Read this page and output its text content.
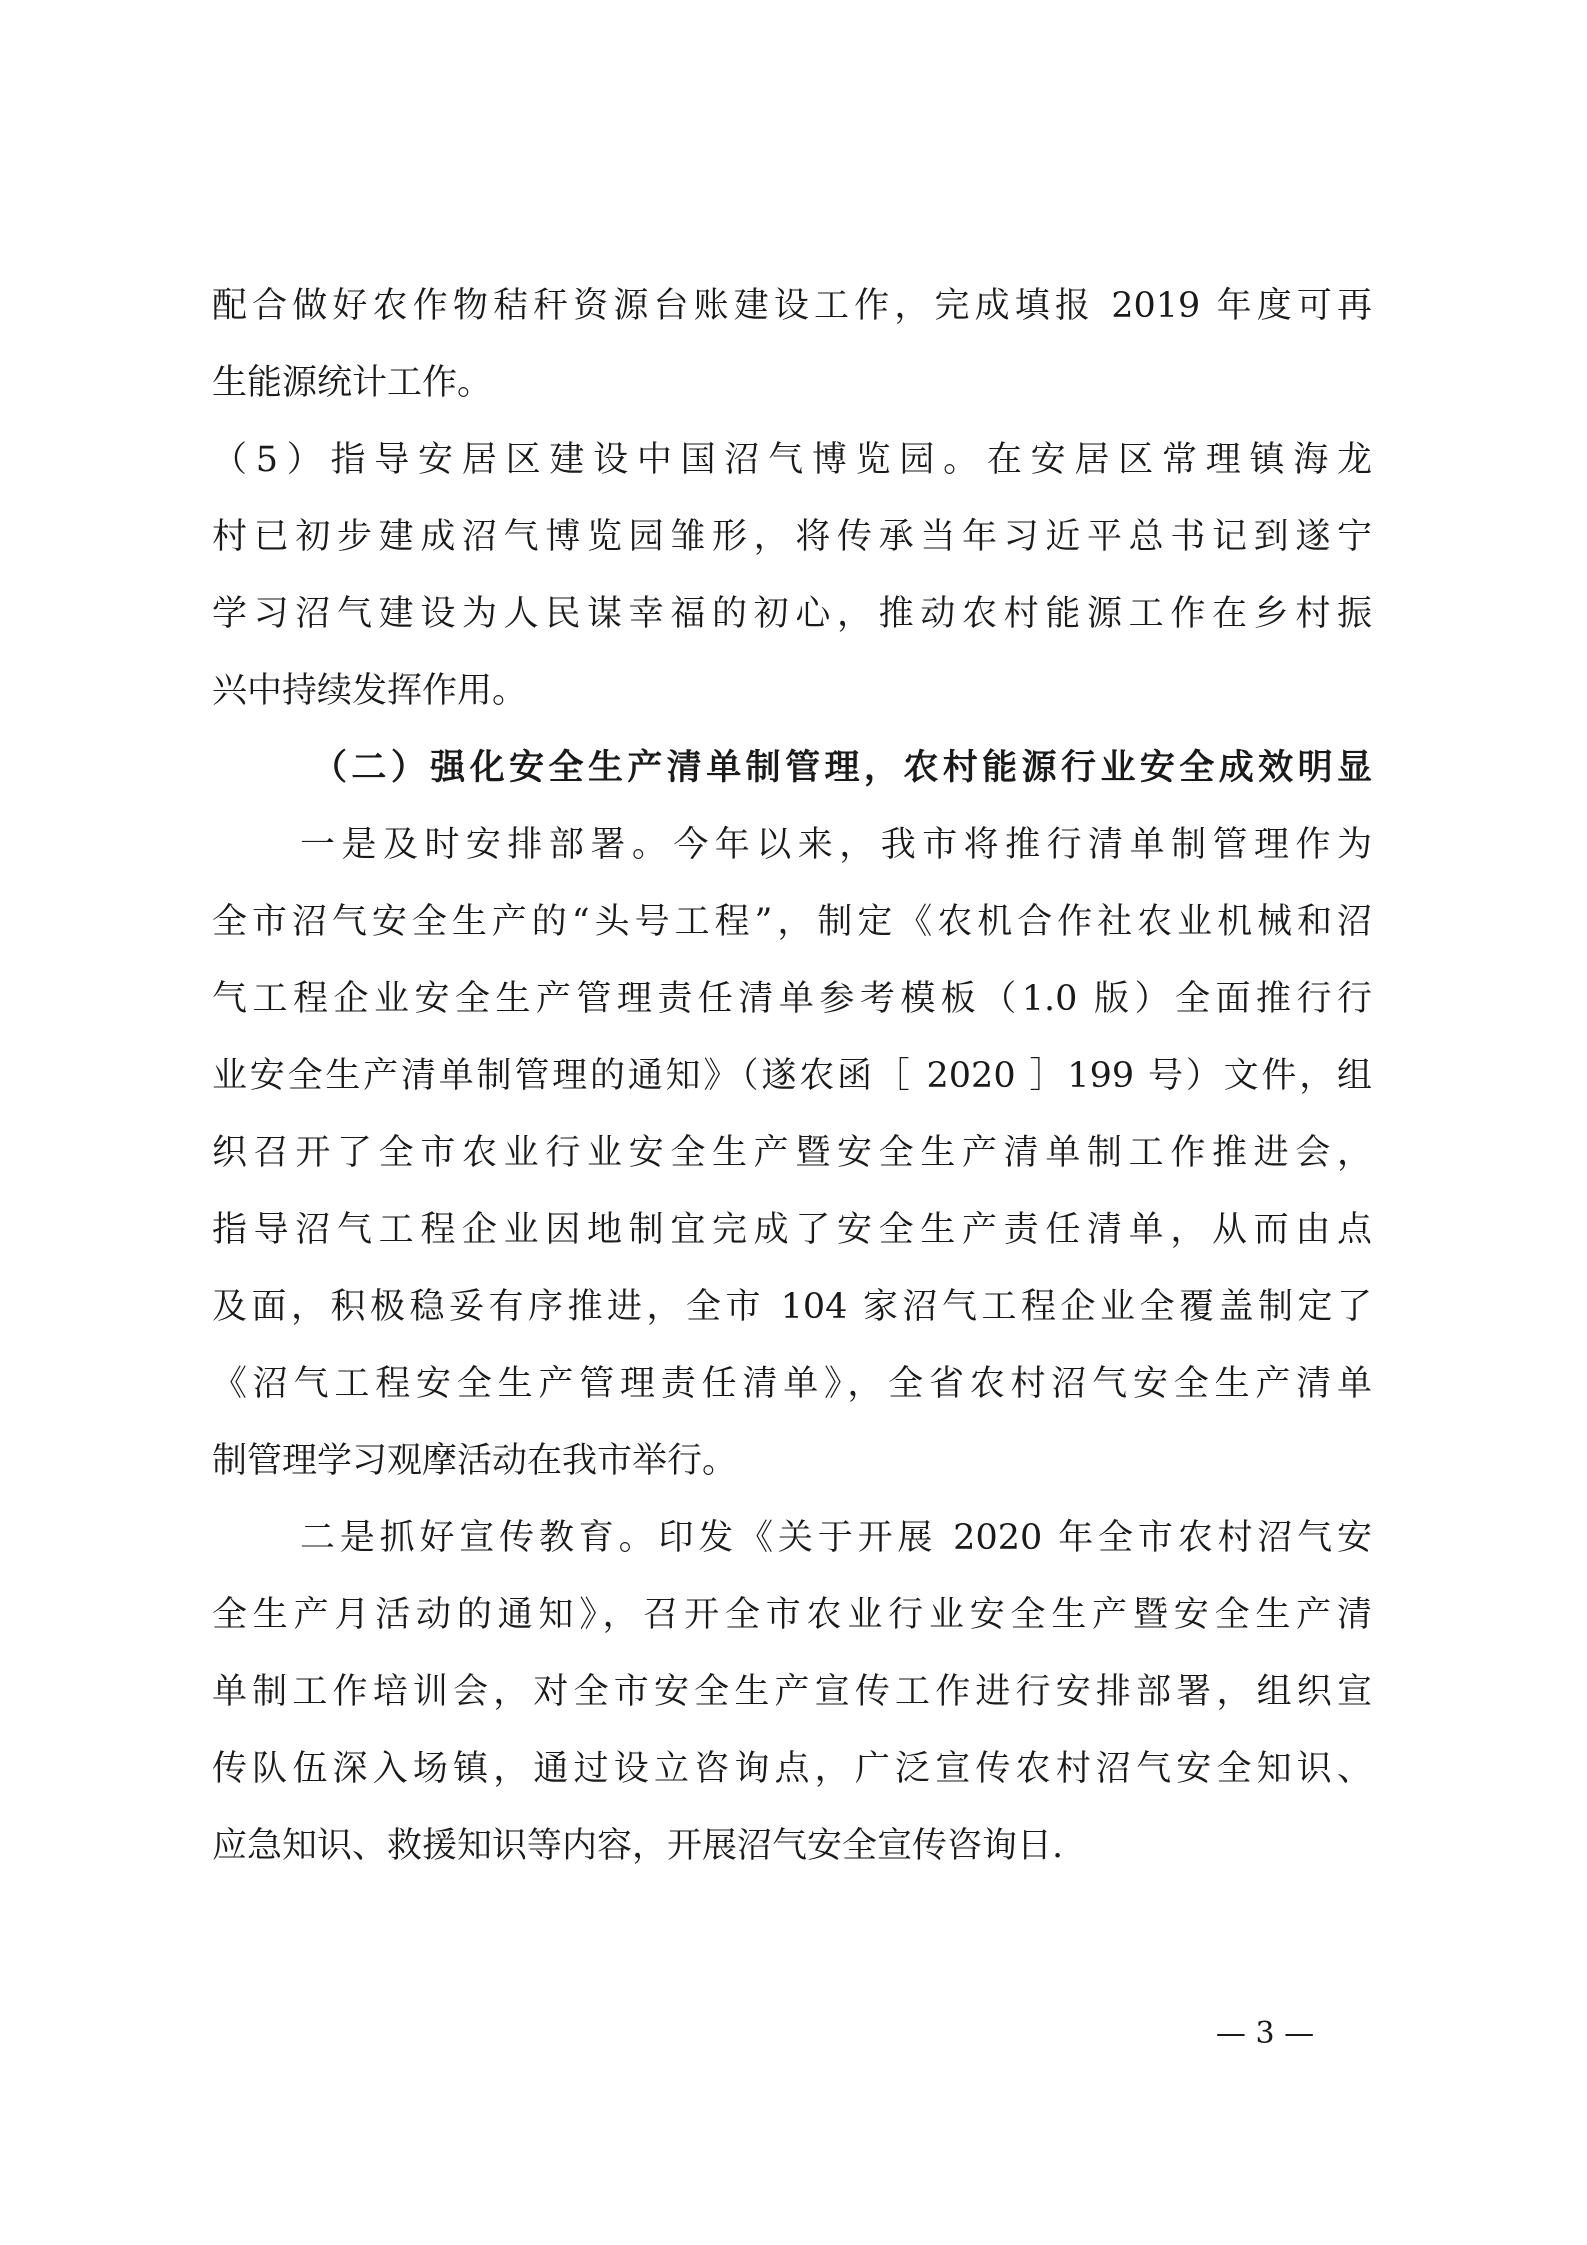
配合做好农作物秸秆资源台账建设工作，完成填报 2019 年度可再
生能源统计工作。
（5）指导安居区建设中国沼气博览园。在安居区常理镇海龙
村已初步建成沼气博览园雏形，将传承当年习近平总书记到遂宁
学习沼气建设为人民谋幸福的初心，推动农村能源工作在乡村振
兴中持续发挥作用。
（二）强化安全生产清单制管理，农村能源行业安全成效明显
一是及时安排部署。今年以来，我市将推行清单制管理作为
全市沼气安全生产的“头号工程”，制定《农机合作社农业机械和沼
气工程企业安全生产管理责任清单参考模板（1.0 版）全面推行行
业安全生产清单制管理的通知》（遂农函［ 2020 ］199 号）文件，组
织召开了全市农业行业安全生产暨安全生产清单制工作推进会，
指导沼气工程企业因地制宜完成了安全生产责任清单，从而由点
及面，积极稳妥有序推进，全市 104 家沼气工程企业全覆盖制定了
《沼气工程安全生产管理责任清单》，全省农村沼气安全生产清单
制管理学习观摩活动在我市举行。
二是抓好宣传教育。印发《关于开展 2020 年全市农村沼气安
全生产月活动的通知》，召开全市农业行业安全生产暨安全生产清
单制工作培训会，对全市安全生产宣传工作进行安排部署，组织宣
传队伍深入场镇，通过设立咨询点，广泛宣传农村沼气安全知识、
应急知识、救援知识等内容，开展沼气安全宣传咨询日.
— 3 —
